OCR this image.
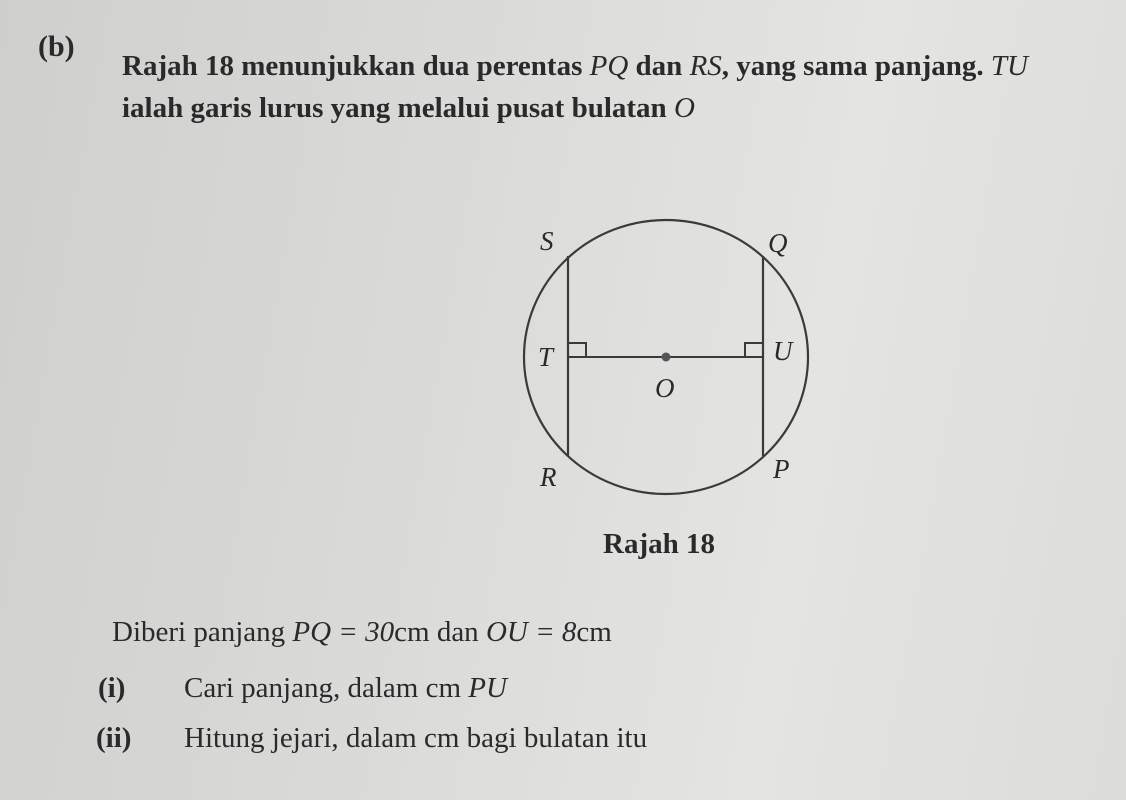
(b)
Rajah 18 menunjukkan dua perentas PQ dan RS, yang sama panjang. TU
ialah garis lurus yang melalui pusat bulatan O
S	Q
T	U
O
R	P
Rajah 18
Diberi panjang PQ = 30cm dan OU = 8cm
(i) Cari panjang, dalam cm PU
(ii) Hitung jejari, dalam cm bagi bulatan itu
